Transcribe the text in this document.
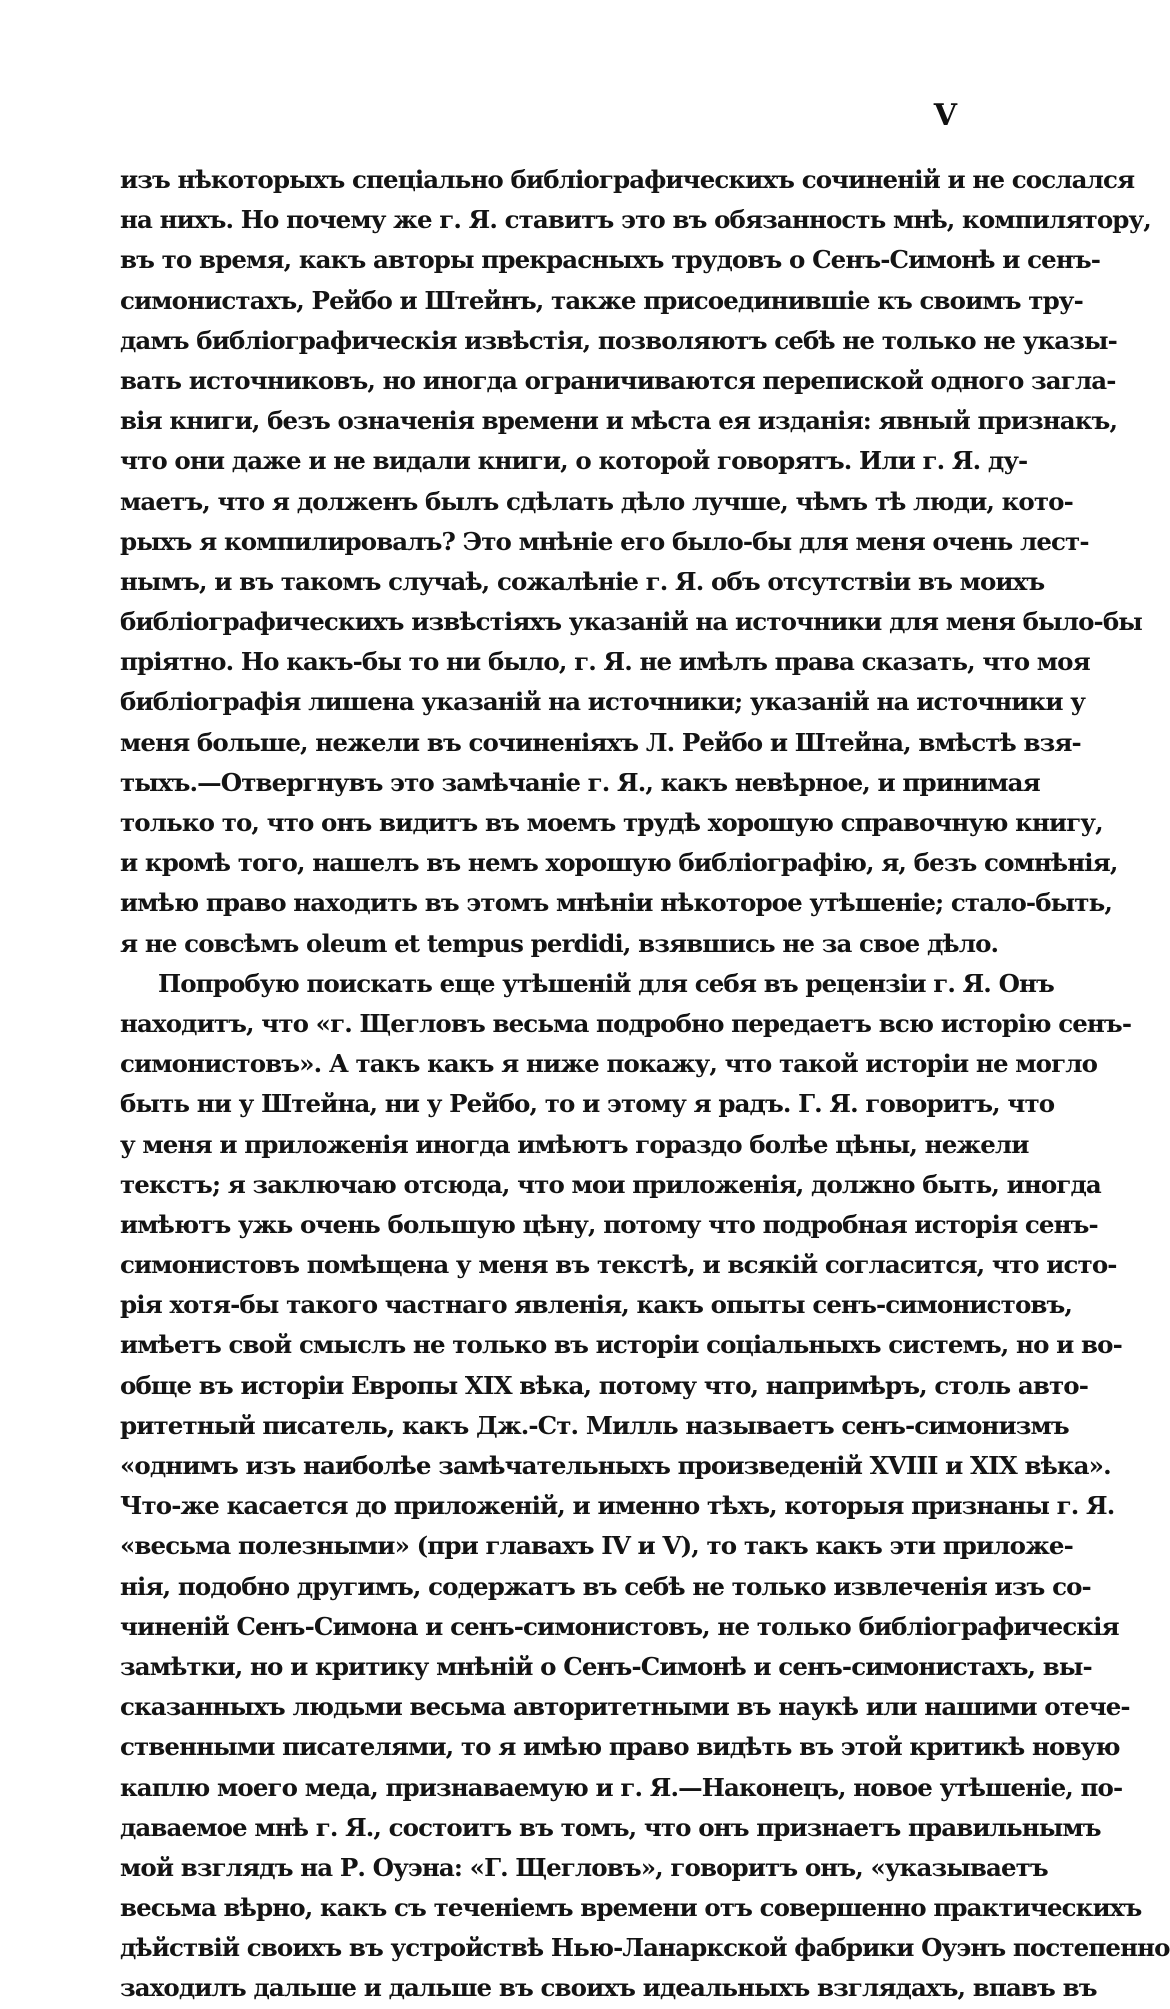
V
изъ нѣкоторыхъ спеціально библіографическихъ сочиненій и не сослался
на нихъ. Но почему же г. Я. ставитъ это въ обязанность мнѣ, компилятору,
въ то время, какъ авторы прекрасныхъ трудовъ о Сенъ-Симонѣ и сенъ-
симонистахъ, Рейбо и Штейнъ, также присоединившіе къ своимъ тру-
дамъ библіографическія извѣстія, позволяютъ себѣ не только не указы-
вать источниковъ, но иногда ограничиваются перепиской одного загла-
вія книги, безъ означенія времени и мѣста ея изданія: явный признакъ,
что они даже и не видали книги, о которой говорятъ. Или г. Я. ду-
маетъ, что я долженъ былъ сдѣлать дѣло лучше, чѣмъ тѣ люди, кото-
рыхъ я компилировалъ? Это мнѣніе его было-бы для меня очень лест-
нымъ, и въ такомъ случаѣ, сожалѣніе г. Я. объ отсутствіи въ моихъ
библіографическихъ извѣстіяхъ указаній на источники для меня было-бы
пріятно. Но какъ-бы то ни было, г. Я. не имѣлъ права сказать, что моя
библіографія лишена указаній на источники; указаній на источники у
меня больше, нежели въ сочиненіяхъ Л. Рейбо и Штейна, вмѣстѣ взя-
тыхъ.—Отвергнувъ это замѣчаніе г. Я., какъ невѣрное, и принимая
только то, что онъ видитъ въ моемъ трудѣ хорошую справочную книгу,
и кромѣ того, нашелъ въ немъ хорошую библіографію, я, безъ сомнѣнія,
имѣю право находить въ этомъ мнѣніи нѣкоторое утѣшеніе; стало-быть,
я не совсѣмъ oleum et tempus perdidi, взявшись не за свое дѣло.
Попробую поискать еще утѣшеній для себя въ рецензіи г. Я. Онъ
находитъ, что «г. Щегловъ весьма подробно передаетъ всю исторію сенъ-
симонистовъ». А такъ какъ я ниже покажу, что такой исторіи не могло
быть ни у Штейна, ни у Рейбо, то и этому я радъ. Г. Я. говоритъ, что
у меня и приложенія иногда имѣютъ гораздо болѣе цѣны, нежели
текстъ; я заключаю отсюда, что мои приложенія, должно быть, иногда
имѣютъ ужь очень большую цѣну, потому что подробная исторія сенъ-
симонистовъ помѣщена у меня въ текстѣ, и всякій согласится, что исто-
рія хотя-бы такого частнаго явленія, какъ опыты сенъ-симонистовъ,
имѣетъ свой смыслъ не только въ исторіи соціальныхъ системъ, но и во-
обще въ исторіи Европы XIX вѣка, потому что, напримѣръ, столь авто-
ритетный писатель, какъ Дж.-Ст. Милль называетъ сенъ-симонизмъ
«однимъ изъ наиболѣе замѣчательныхъ произведеній XVIII и XIX вѣка».
Что-же касается до приложеній, и именно тѣхъ, которыя признаны г. Я.
«весьма полезными» (при главахъ IV и V), то такъ какъ эти приложе-
нія, подобно другимъ, содержатъ въ себѣ не только извлеченія изъ со-
чиненій Сенъ-Симона и сенъ-симонистовъ, не только библіографическія
замѣтки, но и критику мнѣній о Сенъ-Симонѣ и сенъ-симонистахъ, вы-
сказанныхъ людьми весьма авторитетными въ наукѣ или нашими отече-
ственными писателями, то я имѣю право видѣть въ этой критикѣ новую
каплю моего меда, признаваемую и г. Я.—Наконецъ, новое утѣшеніе, по-
даваемое мнѣ г. Я., состоитъ въ томъ, что онъ признаетъ правильнымъ
мой взглядъ на Р. Оуэна: «Г. Щегловъ», говоритъ онъ, «указываетъ
весьма вѣрно, какъ съ теченіемъ времени отъ совершенно практическихъ
дѣйствій своихъ въ устройствѣ Нью-Ланаркской фабрики Оуэнъ постепенно
заходилъ дальше и дальше въ своихъ идеальныхъ взглядахъ, впавъ въ
